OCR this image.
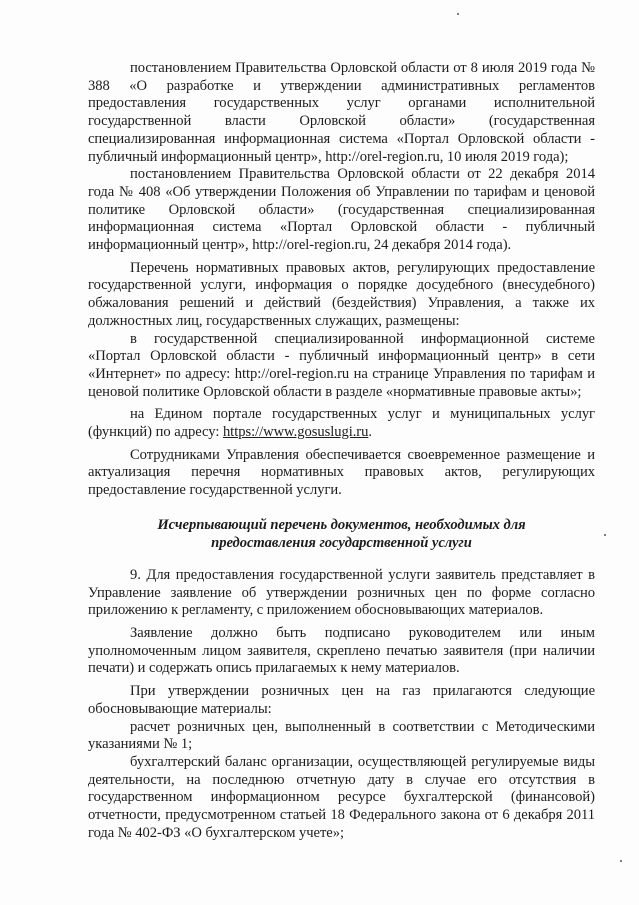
постановлением Правительства Орловской области от 8 июля 2019 года № 388 «О разработке и утверждении административных регламентов предоставления государственных услуг органами исполнительной государственной власти Орловской области» (государственная специализированная информационная система «Портал Орловской области - публичный информационный центр», http://orel-region.ru, 10 июля 2019 года);

постановлением Правительства Орловской области от 22 декабря 2014 года № 408 «Об утверждении Положения об Управлении по тарифам и ценовой политике Орловской области» (государственная специализированная информационная система «Портал Орловской области - публичный информационный центр», http://orel-region.ru, 24 декабря 2014 года).

Перечень нормативных правовых актов, регулирующих предоставление государственной услуги, информация о порядке досудебного (внесудебного) обжалования решений и действий (бездействия) Управления, а также их должностных лиц, государственных служащих, размещены:

в государственной специализированной информационной системе «Портал Орловской области - публичный информационный центр» в сети «Интернет» по адресу: http://orel-region.ru на странице Управления по тарифам и ценовой политике Орловской области в разделе «нормативные правовые акты»;

на Едином портале государственных услуг и муниципальных услуг (функций) по адресу: https://www.gosuslugi.ru.

Сотрудниками Управления обеспечивается своевременное размещение и актуализация перечня нормативных правовых актов, регулирующих предоставление государственной услуги.

Исчерпывающий перечень документов, необходимых для
предоставления государственной услуги

9. Для предоставления государственной услуги заявитель представляет в Управление заявление об утверждении розничных цен по форме согласно приложению к регламенту, с приложением обосновывающих материалов.

Заявление должно быть подписано руководителем или иным уполномоченным лицом заявителя, скреплено печатью заявителя (при наличии печати) и содержать опись прилагаемых к нему материалов.

При утверждении розничных цен на газ прилагаются следующие обосновывающие материалы:

расчет розничных цен, выполненный в соответствии с Методическими указаниями № 1;

бухгалтерский баланс организации, осуществляющей регулируемые виды деятельности, на последнюю отчетную дату в случае его отсутствия в государственном информационном ресурсе бухгалтерской (финансовой) отчетности, предусмотренном статьей 18 Федерального закона от 6 декабря 2011 года № 402-ФЗ «О бухгалтерском учете»;
